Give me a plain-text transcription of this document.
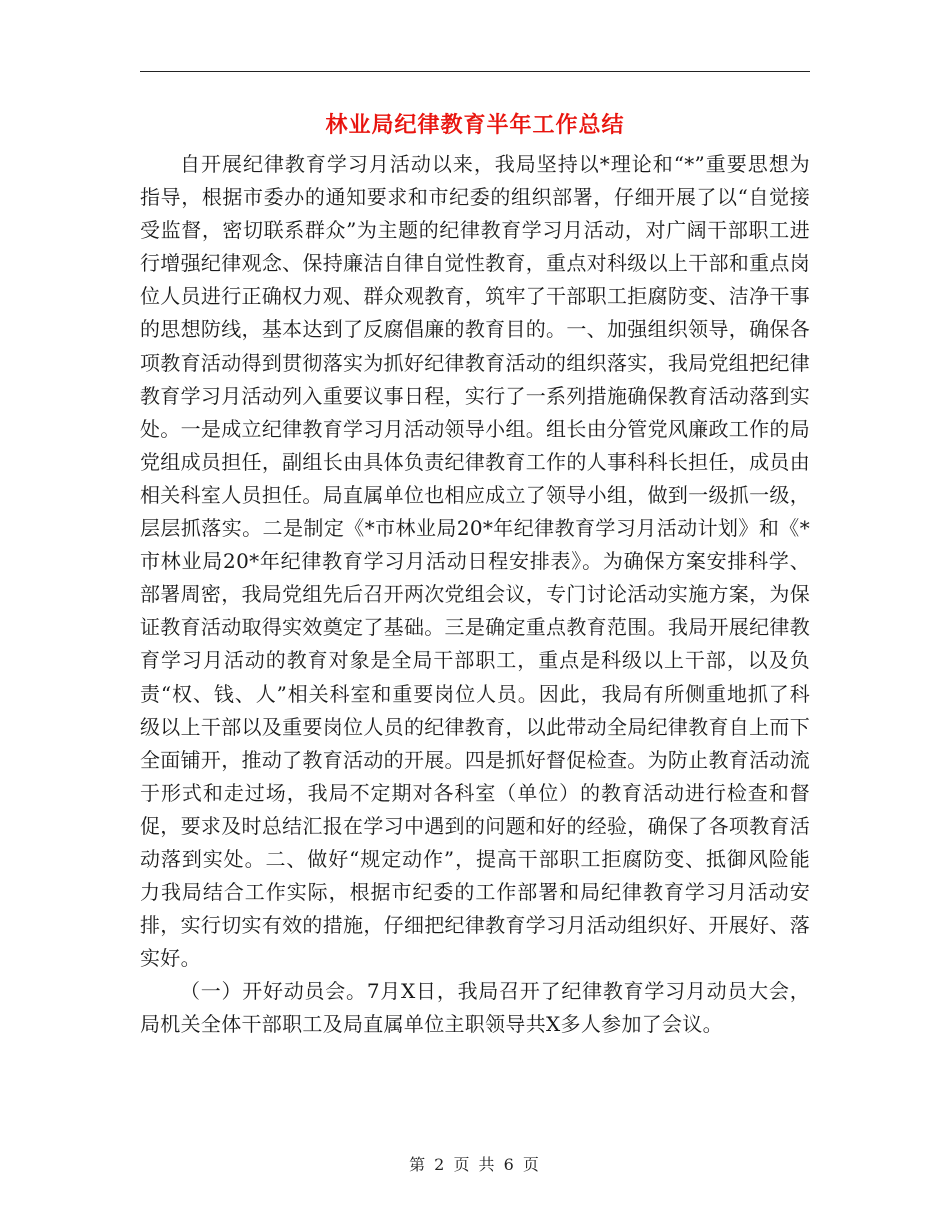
林业局纪律教育半年工作总结

自开展纪律教育学习月活动以来，我局坚持以*理论和“*”重要思想为指导，根据市委办的通知要求和市纪委的组织部署，仔细开展了以“自觉接受监督，密切联系群众”为主题的纪律教育学习月活动，对广阔干部职工进行增强纪律观念、保持廉洁自律自觉性教育，重点对科级以上干部和重点岗位人员进行正确权力观、群众观教育，筑牢了干部职工拒腐防变、洁净干事的思想防线，基本达到了反腐倡廉的教育目的。一、加强组织领导，确保各项教育活动得到贯彻落实为抓好纪律教育活动的组织落实，我局党组把纪律教育学习月活动列入重要议事日程，实行了一系列措施确保教育活动落到实处。一是成立纪律教育学习月活动领导小组。组长由分管党风廉政工作的局党组成员担任，副组长由具体负责纪律教育工作的人事科科长担任，成员由相关科室人员担任。局直属单位也相应成立了领导小组，做到一级抓一级，层层抓落实。二是制定《*市林业局20*年纪律教育学习月活动计划》和《*市林业局20*年纪律教育学习月活动日程安排表》。为确保方案安排科学、部署周密，我局党组先后召开两次党组会议，专门讨论活动实施方案，为保证教育活动取得实效奠定了基础。三是确定重点教育范围。我局开展纪律教育学习月活动的教育对象是全局干部职工，重点是科级以上干部，以及负责“权、钱、人”相关科室和重要岗位人员。因此，我局有所侧重地抓了科级以上干部以及重要岗位人员的纪律教育，以此带动全局纪律教育自上而下全面铺开，推动了教育活动的开展。四是抓好督促检查。为防止教育活动流于形式和走过场，我局不定期对各科室（单位）的教育活动进行检查和督促，要求及时总结汇报在学习中遇到的问题和好的经验，确保了各项教育活动落到实处。二、做好“规定动作”，提高干部职工拒腐防变、抵御风险能力我局结合工作实际，根据市纪委的工作部署和局纪律教育学习月活动安排，实行切实有效的措施，仔细把纪律教育学习月活动组织好、开展好、落实好。

（一）开好动员会。7月X日，我局召开了纪律教育学习月动员大会，局机关全体干部职工及局直属单位主职领导共X多人参加了会议。

第 2 页 共 6 页
